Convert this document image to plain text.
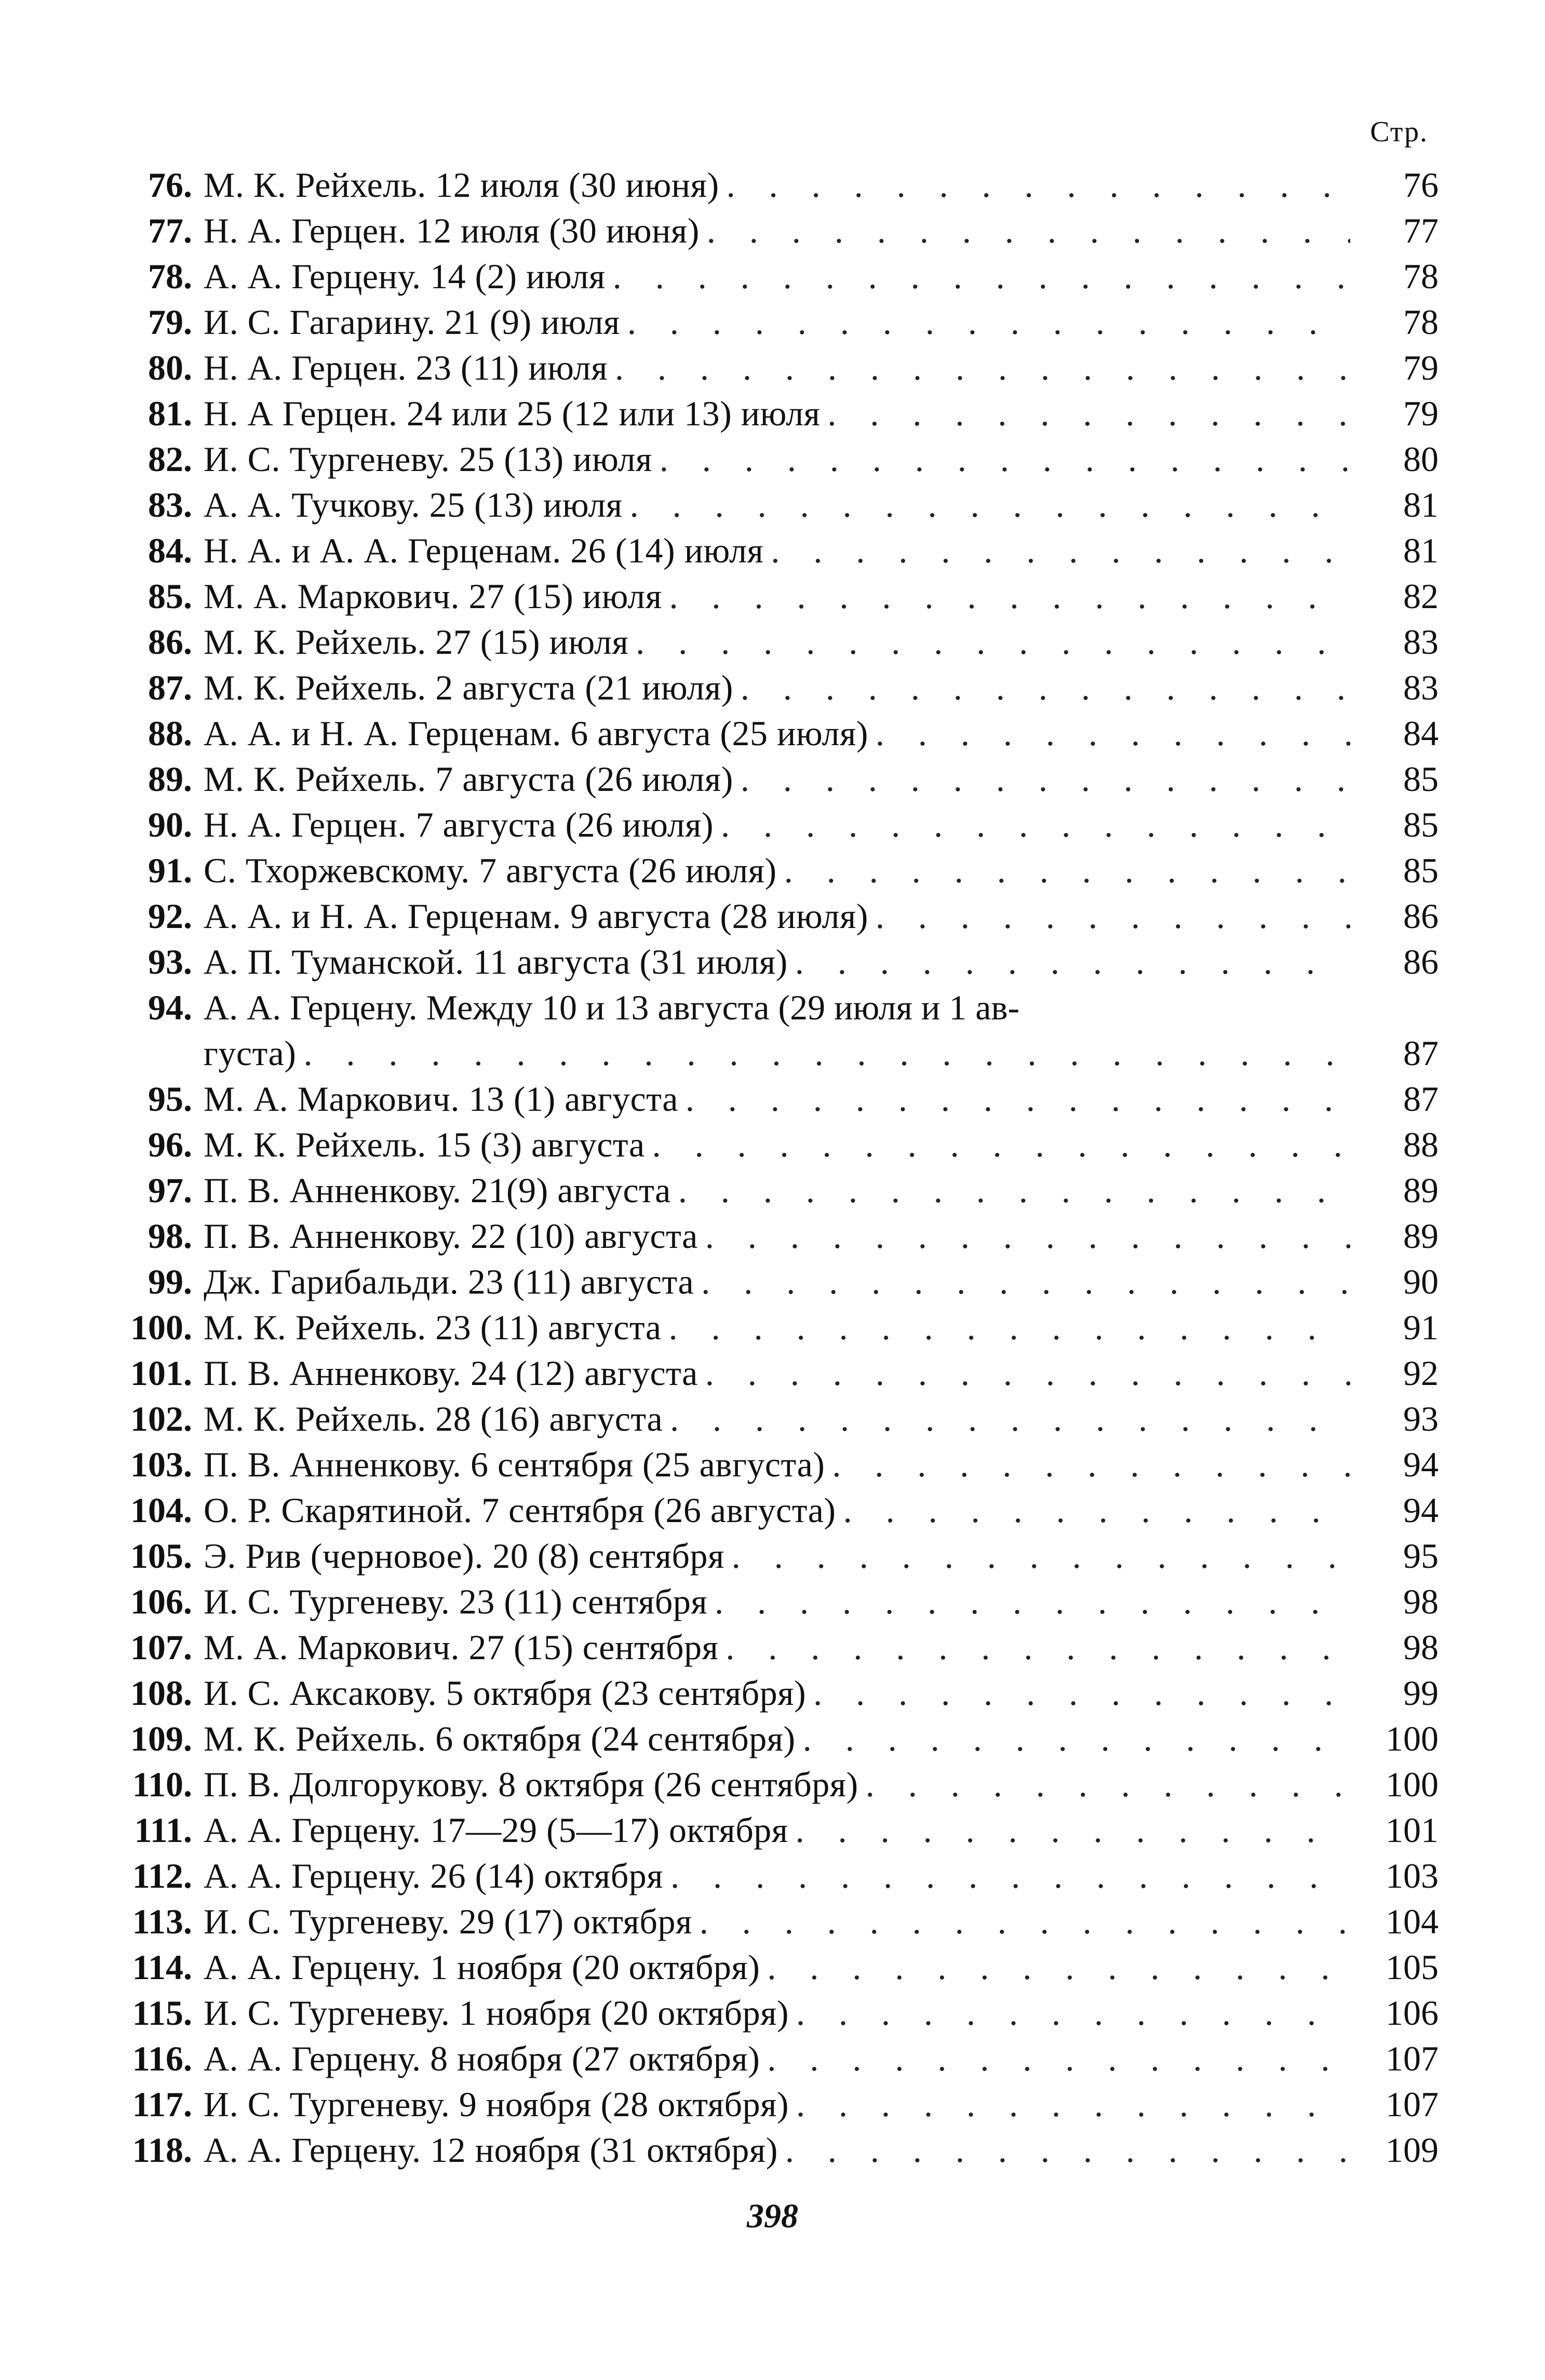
Стр.
76. М. К. Рейхель. 12 июля (30 июня) . . .	76
77. Н. А. Герцен. 12 июля (30 июня) . . .	77
78. А. А. Герцену. 14 (2) июля . . .	78
79. И. С. Гагарину. 21 (9) июля . . .	78
80. Н. А. Герцен. 23 (11) июля . . .	79
81. Н. А Герцен. 24 или 25 (12 или 13) июля . . .	79
82. И. С. Тургеневу. 25 (13) июля . . .	80
83. А. А. Тучкову. 25 (13) июля . . .	81
84. Н. А. и А. А. Герценам. 26 (14) июля . . .	81
85. М. А. Маркович. 27 (15) июля . . .	82
86. М. К. Рейхель. 27 (15) июля . . .	83
87. М. К. Рейхель. 2 августа (21 июля) . . .	83
88. А. А. и Н. А. Герценам. 6 августа (25 июля) . . .	84
89. М. К. Рейхель. 7 августа (26 июля) . . .	85
90. Н. А. Герцен. 7 августа (26 июля) . . .	85
91. С. Тхоржевскому. 7 августа (26 июля) . . .	85
92. А. А. и Н. А. Герценам. 9 августа (28 июля) . . .	86
93. А. П. Туманской. 11 августа (31 июля) . . .	86
94. А. А. Герцену. Между 10 и 13 августа (29 июля и 1 ав-
густа) . . .	87
95. М. А. Маркович. 13 (1) августа . . .	87
96. М. К. Рейхель. 15 (3) августа . . .	88
97. П. В. Анненкову. 21(9) августа . . .	89
98. П. В. Анненкову. 22 (10) августа . . .	89
99. Дж. Гарибальди. 23 (11) августа . . .	90
100. М. К. Рейхель. 23 (11) августа . . .	91
101. П. В. Анненкову. 24 (12) августа . . .	92
102. М. К. Рейхель. 28 (16) августа . . .	93
103. П. В. Анненкову. 6 сентября (25 августа) . . .	94
104. О. Р. Скарятиной. 7 сентября (26 августа) . . .	94
105. Э. Рив (черновое). 20 (8) сентября . . .	95
106. И. С. Тургеневу. 23 (11) сентября . . .	98
107. М. А. Маркович. 27 (15) сентября . . .	98
108. И. С. Аксакову. 5 октября (23 сентября) . . .	99
109. М. К. Рейхель. 6 октября (24 сентября) . . .	100
110. П. В. Долгорукову. 8 октября (26 сентября) . . .	100
111. А. А. Герцену. 17—29 (5—17) октября . . .	101
112. А. А. Герцену. 26 (14) октября . . .	103
113. И. С. Тургеневу. 29 (17) октября . . .	104
114. А. А. Герцену. 1 ноября (20 октября) . . .	105
115. И. С. Тургеневу. 1 ноября (20 октября) . . .	106
116. А. А. Герцену. 8 ноября (27 октября) . . .	107
117. И. С. Тургеневу. 9 ноября (28 октября) . . .	107
118. А. А. Герцену. 12 ноября (31 октября) . . .	109
398
